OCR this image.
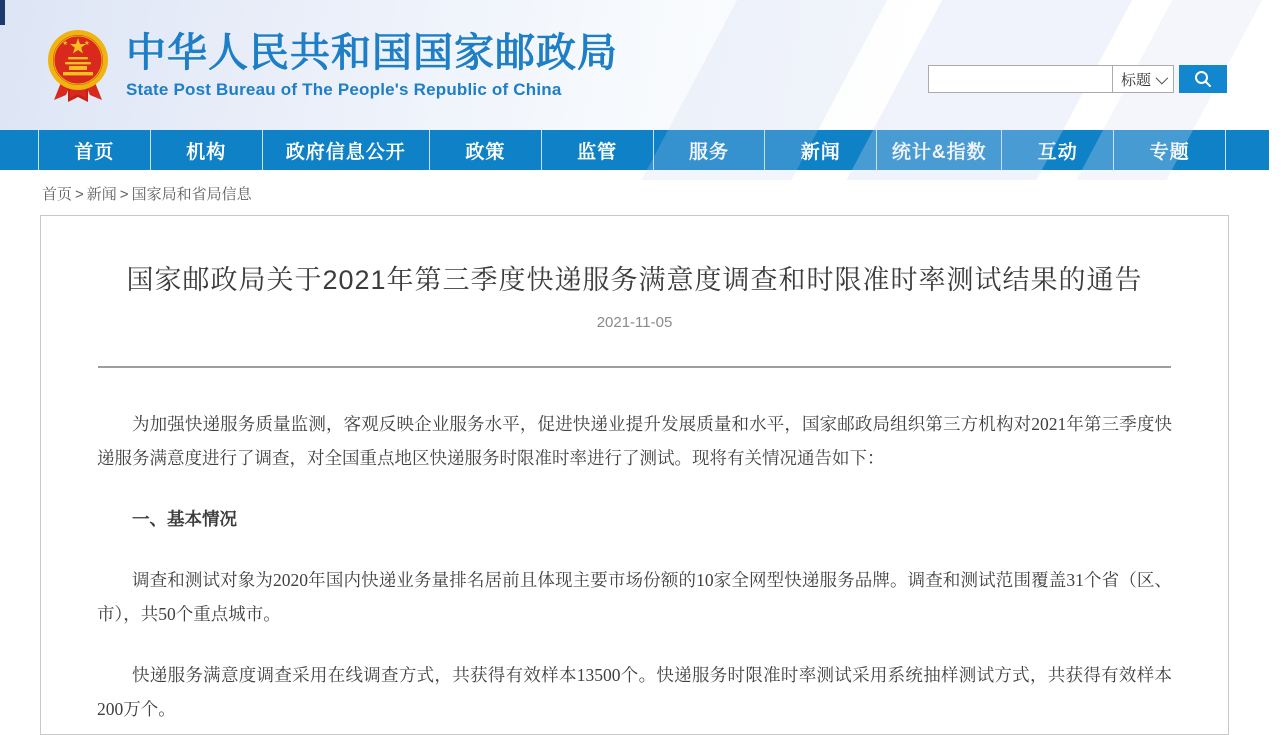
中华人民共和国国家邮政局
State Post Bureau of The People's Republic of China	标题
首页	机构	政府信息公开	政策	监管	服务	新闻	统计&指数	互动	专题
首页 > 新闻 > 国家局和省局信息
国家邮政局关于2021年第三季度快递服务满意度调查和时限准时率测试结果的通告
2021-11-05

为加强快递服务质量监测，客观反映企业服务水平，促进快递业提升发展质量和水平，国家邮政局组织第三方机构对2021年第三季度快递服务满意度进行了调查，对全国重点地区快递服务时限准时率进行了测试。现将有关情况通告如下：

一、基本情况

调查和测试对象为2020年国内快递业务量排名居前且体现主要市场份额的10家全网型快递服务品牌。调查和测试范围覆盖31个省（区、市），共50个重点城市。

快递服务满意度调查采用在线调查方式，共获得有效样本13500个。快递服务时限准时率测试采用系统抽样测试方式，共获得有效样本200万个。
